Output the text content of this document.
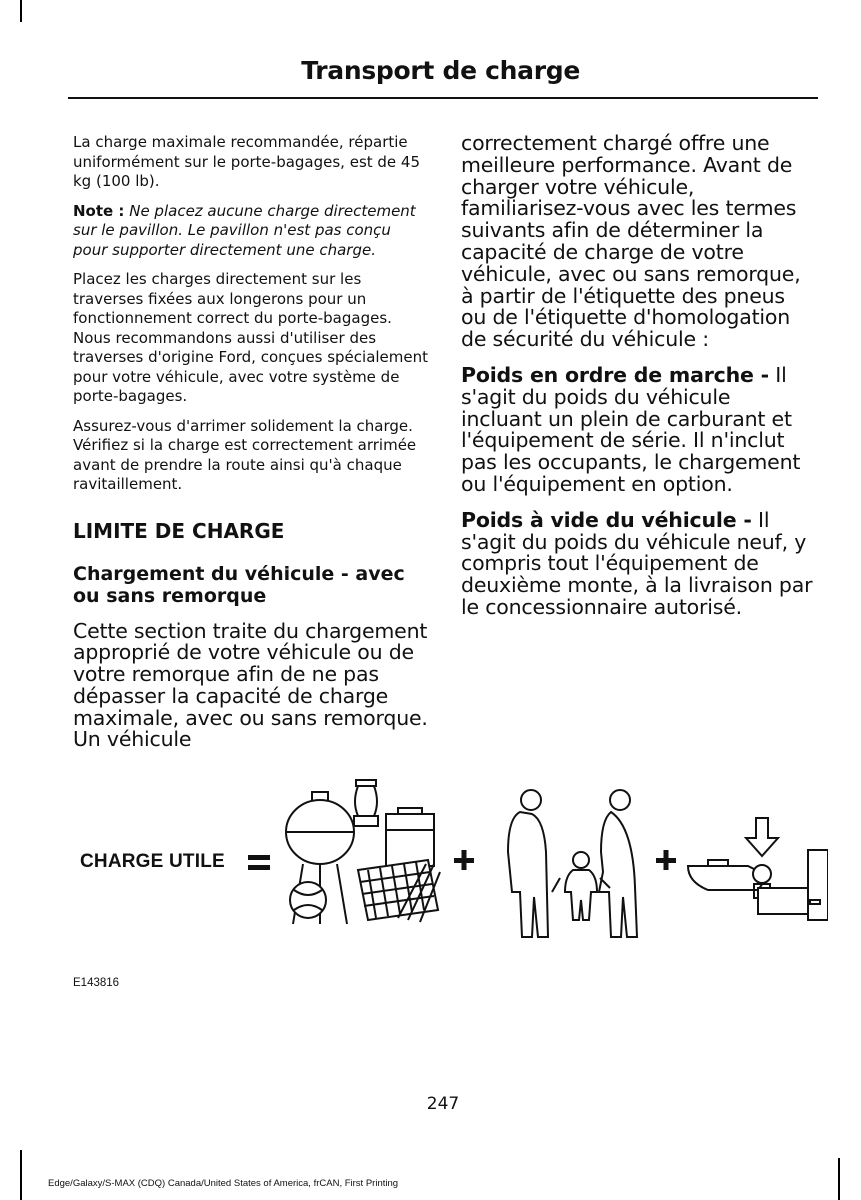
Transport de charge

La charge maximale recommandée, répartie uniformément sur le porte-bagages, est de 45 kg (100 lb).

Note : Ne placez aucune charge directement sur le pavillon. Le pavillon n'est pas conçu pour supporter directement une charge.

Placez les charges directement sur les traverses fixées aux longerons pour un fonctionnement correct du porte-bagages. Nous recommandons aussi d'utiliser des traverses d'origine Ford, conçues spécialement pour votre véhicule, avec votre système de porte-bagages.

Assurez-vous d'arrimer solidement la charge. Vérifiez si la charge est correctement arrimée avant de prendre la route ainsi qu'à chaque ravitaillement.

LIMITE DE CHARGE
Chargement du véhicule - avec ou sans remorque

Cette section traite du chargement approprié de votre véhicule ou de votre remorque afin de ne pas dépasser la capacité de charge maximale, avec ou sans remorque. Un véhicule

correctement chargé offre une meilleure performance. Avant de charger votre véhicule, familiarisez-vous avec les termes suivants afin de déterminer la capacité de charge de votre véhicule, avec ou sans remorque, à partir de l'étiquette des pneus ou de l'étiquette d'homologation de sécurité du véhicule :

Poids en ordre de marche - Il s'agit du poids du véhicule incluant un plein de carburant et l'équipement de série. Il n'inclut pas les occupants, le chargement ou l'équipement en option.

Poids à vide du véhicule - Il s'agit du poids du véhicule neuf, y compris tout l'équipement de deuxième monte, à la livraison par le concessionnaire autorisé.

CHARGE UTILE
E143816
247
Edge/Galaxy/S-MAX (CDQ) Canada/United States of America, frCAN, First Printing
